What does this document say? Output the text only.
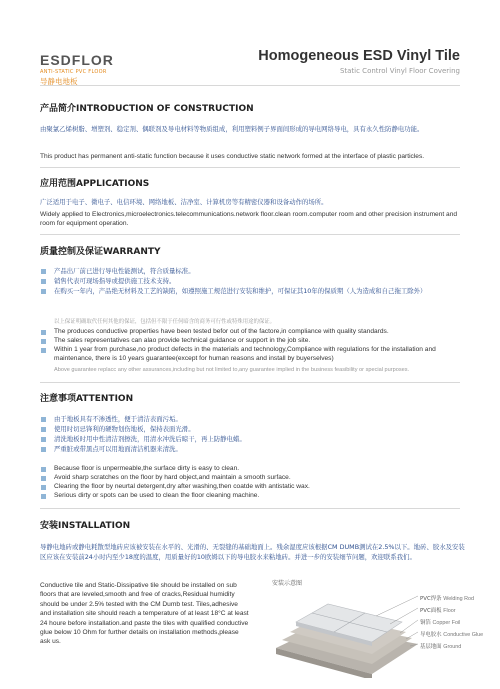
ESDFLOR
ANTI-STATIC PVC FLOOR
导静电地板
Homogeneous ESD Vinyl Tile
Static Control Vinyl Floor Covering
产品简介INTRODUCTION OF CONSTRUCTION
由聚氯乙烯树脂、增塑剂、稳定剂、偶联剂及导电材料等物质组成，利用塑料例子界面间形成的导电网络导电，具有永久性防静电功能。
This product has permanent anti-static function because it uses conductive static network formed at the interface of plastic particles.
应用范围APPLICATIONS
广泛适用于电子、微电子、电信环境、网络地板、洁净室、计算机房等有精密仪器和设备动作的场所。
Widely applied to Electronics,microelectronics.telecommunications.network floor.clean room.computer room and other precision instrument and room for equipment operation.
质量控制及保证WARRANTY
产品出厂前已进行导电性能测试，符合质量标准。
销售代表可现场指导或提供施工技术支持。
在购买一年内，产品绝无材料及工艺的缺陷，如遵照施工规范进行安装和维护，可保证其10年的保质期（人为造成和自己拖工除外）
以上保证明确取代任何其他的保证，包括但不限于任何暗含的商务可行性或特殊用途的保证。
The produces conductive properties have been tested befor out of the factore,in compliance with quality standards.
The sales representatives can alao provide technical guidance or support in the job site.
Within 1 year from purchase,no product defects in the materials and technology,Compliance with regulations for the installation and maintenance, there is 10 years guarantee(except for human reasons and install by buyerselves)
Above guarantee replacc any other assurances,including but not limited to,any guarantee implied in the business feasibility or special purposes.
注意事项ATTENTION
由于地板具有不渗透性，便于清洁表面污垢。
使用时切忌锋利的硬物划伤地板，保持表面光滑。
清洗地板时用中性清洁剂擦洗，用清水冲洗后晾干，再上防静电蜡。
严重脏或带黑点可以用地面清洁机器来清洗。
Because floor is unpermeable,the surface dirty is easy to clean.
Avoid sharp scratches on the floor by hard object,and maintain a smooth surface.
Clearing the floor by neurtal detergent,dry after washing,then coatde with antistatic wax.
Serious dirty or spots can be used to clean the floor cleaning machine.
安装INSTALLATION
导静电地砖或静电耗散型地砖应该被安装在水平的、光滑的、无裂缝的基础地面上。残余湿度应该根据CM DUMB测试在2.5%以下。地砖、胶水及安装区应该在安装前24小时内至少18度的温度，用质量好的10欧姆以下的导电胶水来粘地砖。并进一步的安装细节问题，欢迎联系我们。
Conductive tile and Static-Dissipative tile should be installed on sub floors that are leveled,smooth and free of cracks,Residual humidity should be under 2.5% tested with the CM Dumb test. Tiles,adhesive and installation site should reach a temperature of at least 18°C at least 24 houre before installation.and paste the tiles with qualified conductive glue below 10 Ohm for further details on installation methods,please ask us.
安装示意图
PVC焊条 Welding Rod
PVC面板 Floor
铜箔 Copper Foil
导电胶水 Conductive Glue
基层地面 Ground
